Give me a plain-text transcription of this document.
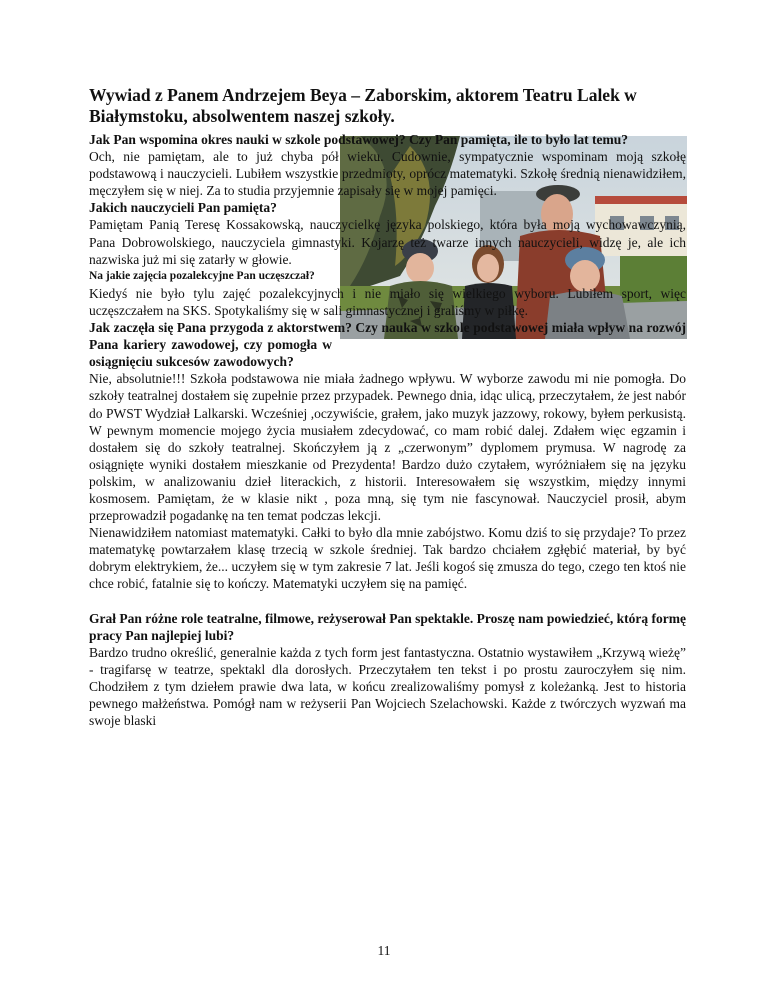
Wywiad z Panem Andrzejem Beya – Zaborskim, aktorem Teatru Lalek w Białymstoku, absolwentem naszej szkoły.

Jak Pan wspomina okres nauki w szkole podstawowej? Czy Pan pamięta, ile to było lat temu?

Och, nie pamiętam, ale to już chyba pół wieku. Cudownie, sympatycznie wspominam moją szkołę podstawową i nauczycieli. Lubiłem wszystkie przedmioty, oprócz matematyki. Szkołę średnią nienawidziłem, męczyłem się w niej. Za to studia przyjemnie zapisały się w mojej pamięci.

Jakich nauczycieli Pan pamięta?

Pamiętam Panią Teresę Kossakowską, nauczycielkę języka polskiego, która była moją wychowawczynią, Pana Dobrowolskiego, nauczyciela gimnastyki. Kojarzę też twarze innych nauczycieli, widzę je, ale ich nazwiska już mi się zatarły w głowie.

Na jakie zajęcia pozalekcyjne Pan uczęszczał?

Kiedyś nie było tylu zajęć pozalekcyjnych i nie miało się wielkiego wyboru. Lubiłem sport, więc uczęszczałem na SKS. Spotykaliśmy się w sali gimnastycznej i graliśmy w piłkę.

Jak zaczęła się Pana przygoda z aktorstwem? Czy nauka w szkole podstawowej miała wpływ na rozwój Pana kariery zawodowej, czy pomogła w osiągnięciu sukcesów zawodowych?

Nie, absolutnie!!! Szkoła podstawowa nie miała żadnego wpływu. W wyborze zawodu mi nie pomogła. Do szkoły teatralnej dostałem się zupełnie przez przypadek. Pewnego dnia, idąc ulicą, przeczytałem, że jest nabór do PWST Wydział Lalkarski. Wcześniej ,oczywiście, grałem, jako muzyk jazzowy, rokowy, byłem perkusistą. W pewnym momencie mojego życia musiałem zdecydować, co mam robić dalej. Zdałem więc egzamin i dostałem się do szkoły teatralnej. Skończyłem ją z „czerwonym” dyplomem prymusa. W nagrodę za osiągnięte wyniki dostałem mieszkanie od Prezydenta! Bardzo dużo czytałem, wyróżniałem się na języku polskim, w analizowaniu dzieł literackich, z historii. Interesowałem się wszystkim, między innymi kosmosem. Pamiętam, że w klasie nikt , poza mną, się tym nie fascynował. Nauczyciel prosił, abym przeprowadził pogadankę na ten temat podczas lekcji.

Nienawidziłem natomiast matematyki. Całki to było dla mnie zabójstwo. Komu dziś to się przydaje? To przez matematykę powtarzałem klasę trzecią w szkole średniej. Tak bardzo chciałem zgłębić materiał, by być dobrym elektrykiem, że... uczyłem się w tym zakresie 7 lat. Jeśli kogoś się zmusza do tego, czego ten ktoś nie chce robić, fatalnie się to kończy. Matematyki uczyłem się na pamięć.

Grał Pan różne role teatralne, filmowe, reżyserował Pan spektakle. Proszę nam powiedzieć, którą formę pracy Pan najlepiej lubi?

Bardzo trudno określić, generalnie każda z tych form jest fantastyczna. Ostatnio wystawiłem „Krzywą wieżę” - tragifarsę w teatrze, spektakl dla dorosłych. Przeczytałem ten tekst i po prostu zauroczyłem się nim. Chodziłem z tym dziełem prawie dwa lata, w końcu zrealizowaliśmy pomysł z koleżanką. Jest to historia pewnego małżeństwa. Pomógł nam w reżyserii Pan Wojciech Szelachowski. Każde z twórczych wyzwań ma swoje blaski

11
